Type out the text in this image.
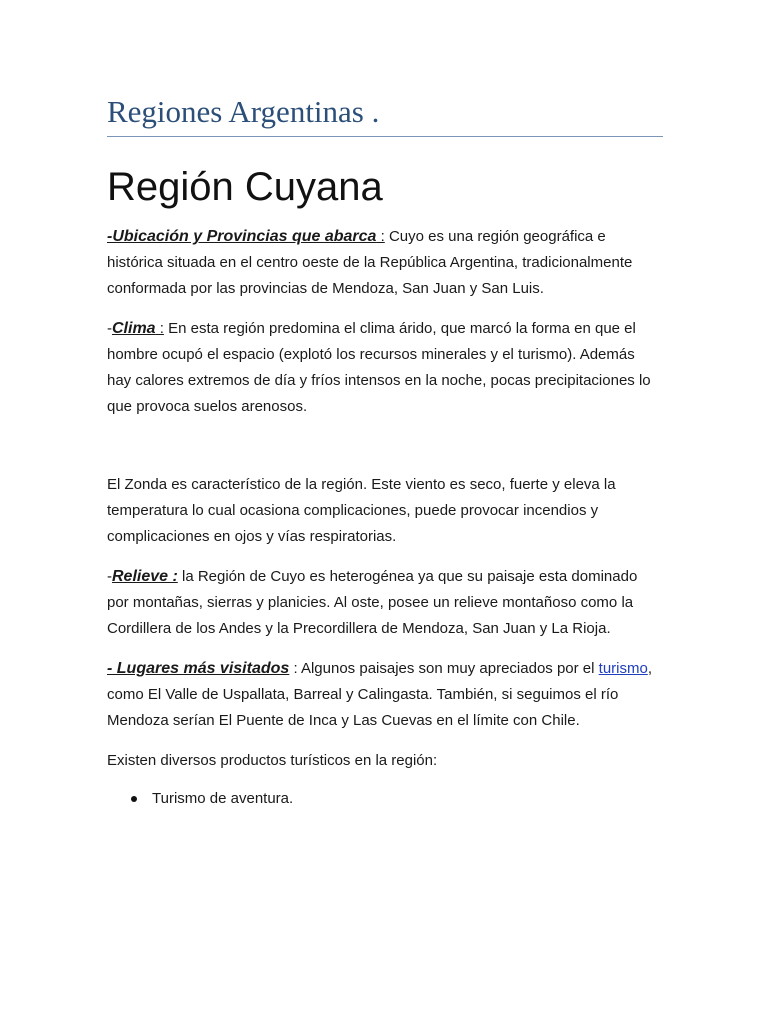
Regiones Argentinas .
Región Cuyana

-Ubicación y Provincias que abarca : Cuyo es una región geográfica e histórica situada en el centro oeste de la República Argentina, tradicionalmente conformada por las provincias de Mendoza, San Juan y San Luis.

-Clima : En esta región predomina el clima árido, que marcó la forma en que el hombre ocupó el espacio (explotó los recursos minerales y el turismo). Además hay calores extremos de día y fríos intensos en la noche, pocas precipitaciones lo que provoca suelos arenosos.

El Zonda es característico de la región. Este viento es seco, fuerte y eleva la temperatura lo cual ocasiona complicaciones, puede provocar incendios y complicaciones en ojos y vías respiratorias.

-Relieve : la Región de Cuyo es heterogénea ya que su paisaje esta dominado por montañas, sierras y planicies. Al oste, posee un relieve montañoso como la Cordillera de los Andes y la Precordillera de Mendoza, San Juan y La Rioja.

- Lugares más visitados : Algunos paisajes son muy apreciados por el turismo, como El Valle de Uspallata, Barreal y Calingasta. También, si seguimos el río Mendoza serían El Puente de Inca y Las Cuevas en el límite con Chile.

Existen diversos productos turísticos en la región:

Turismo de aventura.
